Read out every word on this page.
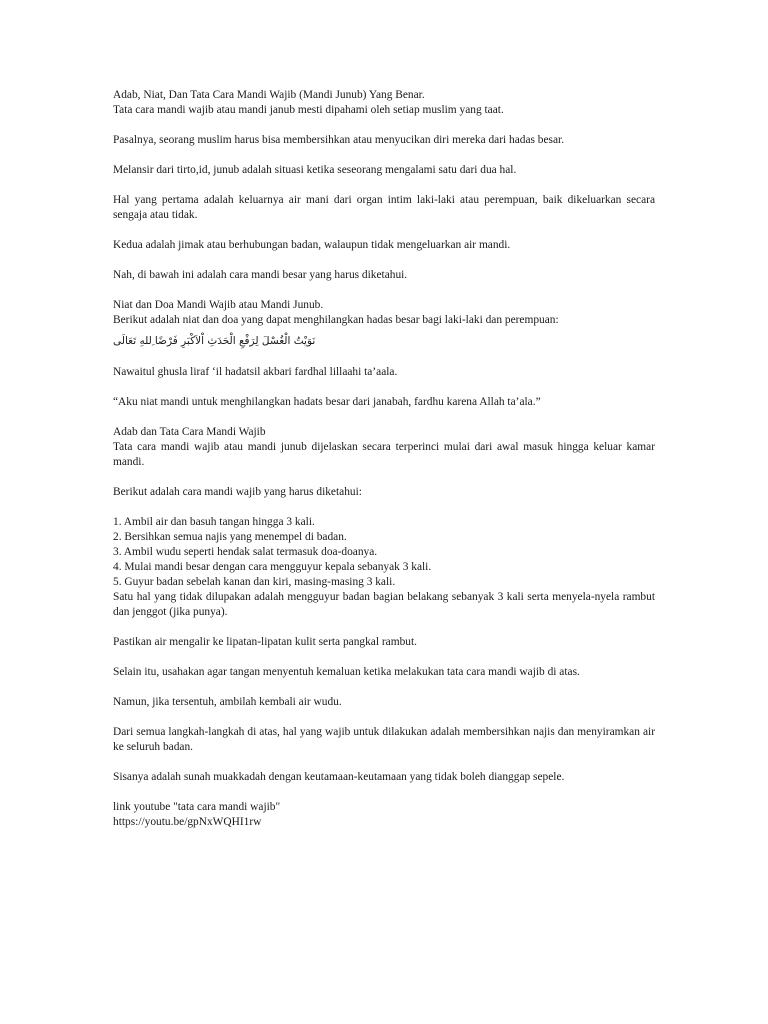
Adab, Niat, Dan Tata Cara Mandi Wajib (Mandi Junub) Yang Benar.
Tata cara mandi wajib atau mandi janub mesti dipahami oleh setiap muslim yang taat.
Pasalnya, seorang muslim harus bisa membersihkan atau menyucikan diri mereka dari hadas besar.
Melansir dari tirto,id, junub adalah situasi ketika seseorang mengalami satu dari dua hal.
Hal yang pertama adalah keluarnya air mani dari organ intim laki-laki atau perempuan, baik dikeluarkan secara sengaja atau tidak.
Kedua adalah jimak atau berhubungan badan, walaupun tidak mengeluarkan air mandi.
Nah, di bawah ini adalah cara mandi besar yang harus diketahui.
Niat dan Doa Mandi Wajib atau Mandi Junub.
Berikut adalah niat dan doa yang dapat menghilangkan hadas besar bagi laki-laki dan perempuan:
نَوَيْتُ الْغُسْلَ لِرَفْعِ الْحَدَثِ اْلاَكْبَرِ فَرْضًا ِللهِ تَعَالَى
Nawaitul ghusla liraf ‘il hadatsil akbari fardhal lillaahi ta’aala.
“Aku niat mandi untuk menghilangkan hadats besar dari janabah, fardhu karena Allah ta’ala.”
Adab dan Tata Cara Mandi Wajib
Tata cara mandi wajib atau mandi junub dijelaskan secara terperinci mulai dari awal masuk hingga keluar kamar mandi.
Berikut adalah cara mandi wajib yang harus diketahui:
1. Ambil air dan basuh tangan hingga 3 kali.
2. Bersihkan semua najis yang menempel di badan.
3. Ambil wudu seperti hendak salat termasuk doa-doanya.
4. Mulai mandi besar dengan cara mengguyur kepala sebanyak 3 kali.
5. Guyur badan sebelah kanan dan kiri, masing-masing 3 kali.
Satu hal yang tidak dilupakan adalah mengguyur badan bagian belakang sebanyak 3 kali serta menyela-nyela rambut dan jenggot (jika punya).
Pastikan air mengalir ke lipatan-lipatan kulit serta pangkal rambut.
Selain itu, usahakan agar tangan menyentuh kemaluan ketika melakukan tata cara mandi wajib di atas.
Namun, jika tersentuh, ambilah kembali air wudu.
Dari semua langkah-langkah di atas, hal yang wajib untuk dilakukan adalah membersihkan najis dan menyiramkan air ke seluruh badan.
Sisanya adalah sunah muakkadah dengan keutamaan-keutamaan yang tidak boleh dianggap sepele.
link youtube "tata cara mandi wajib"
https://youtu.be/gpNxWQHI1rw
